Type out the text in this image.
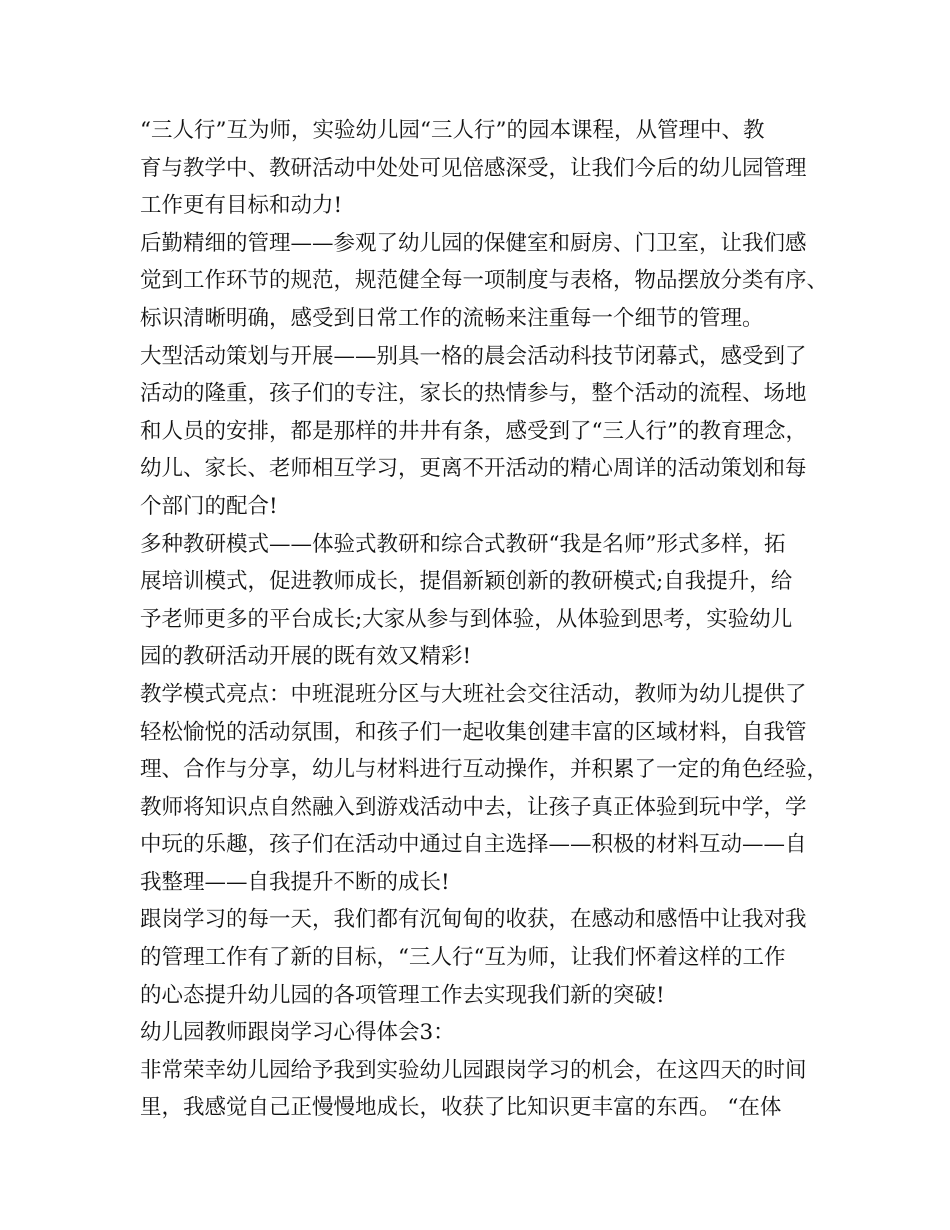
“三人行”互为师，实验幼儿园“三人行”的园本课程，从管理中、教
育与教学中、教研活动中处处可见倍感深受，让我们今后的幼儿园管理
工作更有目标和动力!
后勤精细的管理——参观了幼儿园的保健室和厨房、门卫室，让我们感
觉到工作环节的规范，规范健全每一项制度与表格，物品摆放分类有序、
标识清晰明确，感受到日常工作的流畅来注重每一个细节的管理。
大型活动策划与开展——别具一格的晨会活动科技节闭幕式，感受到了
活动的隆重，孩子们的专注，家长的热情参与，整个活动的流程、场地
和人员的安排，都是那样的井井有条，感受到了“三人行”的教育理念，
幼儿、家长、老师相互学习，更离不开活动的精心周详的活动策划和每
个部门的配合!
多种教研模式——体验式教研和综合式教研“我是名师”形式多样，拓
展培训模式，促进教师成长，提倡新颖创新的教研模式;自我提升，给
予老师更多的平台成长;大家从参与到体验，从体验到思考，实验幼儿
园的教研活动开展的既有效又精彩!
教学模式亮点：中班混班分区与大班社会交往活动，教师为幼儿提供了
轻松愉悦的活动氛围，和孩子们一起收集创建丰富的区域材料，自我管
理、合作与分享，幼儿与材料进行互动操作，并积累了一定的角色经验，
教师将知识点自然融入到游戏活动中去，让孩子真正体验到玩中学，学
中玩的乐趣，孩子们在活动中通过自主选择——积极的材料互动——自
我整理——自我提升不断的成长!
跟岗学习的每一天，我们都有沉甸甸的收获，在感动和感悟中让我对我
的管理工作有了新的目标，“三人行“互为师，让我们怀着这样的工作
的心态提升幼儿园的各项管理工作去实现我们新的突破!
幼儿园教师跟岗学习心得体会3：
非常荣幸幼儿园给予我到实验幼儿园跟岗学习的机会，在这四天的时间
里，我感觉自己正慢慢地成长，收获了比知识更丰富的东西。 “在体
